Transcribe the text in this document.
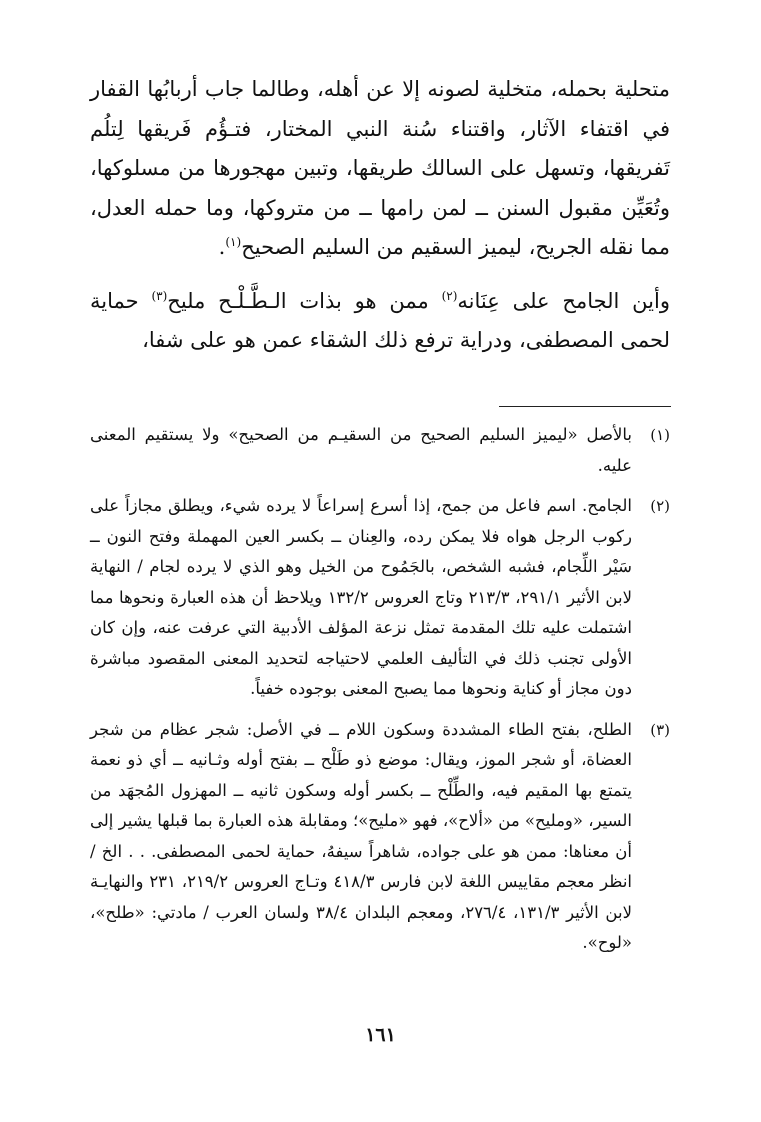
متحلية بحمله، متخلية لصونه إلا عن أهله، وطالما جاب أربابُها القفار في اقتفاء الآثار، واقتناء سُنة النبي المختار، فتـؤُم فَريقها لِتلُم تَفريقها، وتسهل على السالك طريقها، وتبين مهجورها من مسلوكها، وتُعَيِّن مقبول السنن ــ لمن رامها ــ من متروكها، وما حمله العدل، مما نقله الجريح، ليميز السقيم من السليم الصحيح$^{(١)}$.

وأين الجامح على عِنَانه$^{(٢)}$ ممن هو بذات الـطَّـلْـح مليح$^{(٣)}$ حماية لحمى المصطفى، ودراية ترفع ذلك الشقاء عمن هو على شفا،

(١)
بالأصل «ليميز السليم الصحيح من السقيـم من الصحيح» ولا يستقيم المعنى عليه.
(٢)
الجامح. اسم فاعل من جمح، إذا أسرع إسراعاً لا يرده شيء، ويطلق مجازاً على ركوب الرجل هواه فلا يمكن رده، والعِنان ــ بكسر العين المهملة وفتح النون ــ سَيْر اللِّجام، فشبه الشخص، بالجَمُوح من الخيل وهو الذي لا يرده لجام / النهاية لابن الأثير ٢٩١/١، ٢١٣/٣ وتاج العروس ١٣٢/٢ ويلاحظ أن هذه العبارة ونحوها مما اشتملت عليه تلك المقدمة تمثل نزعة المؤلف الأدبية التي عرفت عنه، وإن كان الأولى تجنب ذلك في التأليف العلمي لاحتياجه لتحديد المعنى المقصود مباشرة دون مجاز أو كناية ونحوها مما يصبح المعنى بوجوده خفياً.
(٣)
الطلح، بفتح الطاء المشددة وسكون اللام ــ في الأصل: شجر عظام من شجر العضاة، أو شجر الموز، ويقال: موضع ذو طَلْح ــ بفتح أوله وثـانيه ــ أي ذو نعمة يتمتع بها المقيم فيه، والطِّلْح ــ بكسر أوله وسكون ثانيه ــ المهزول المُجهَد من السير، «ومليح» من «ألاح»، فهو «مليح»؛ ومقابلة هذه العبارة بما قبلها يشير إلى أن معناها: ممن هو على جواده، شاهراً سيفهُ، حماية لحمى المصطفى. . . الخ / انظر معجم مقاييس اللغة لابن فارس ٤١٨/٣ وتـاج العروس ٢١٩/٢، ٢٣١ والنهايـة لابن الأثير ١٣١/٣، ٢٧٦/٤، ومعجم البلدان ٣٨/٤ ولسان العرب / مادتي: «طلح»، «لوح».
١٦١
